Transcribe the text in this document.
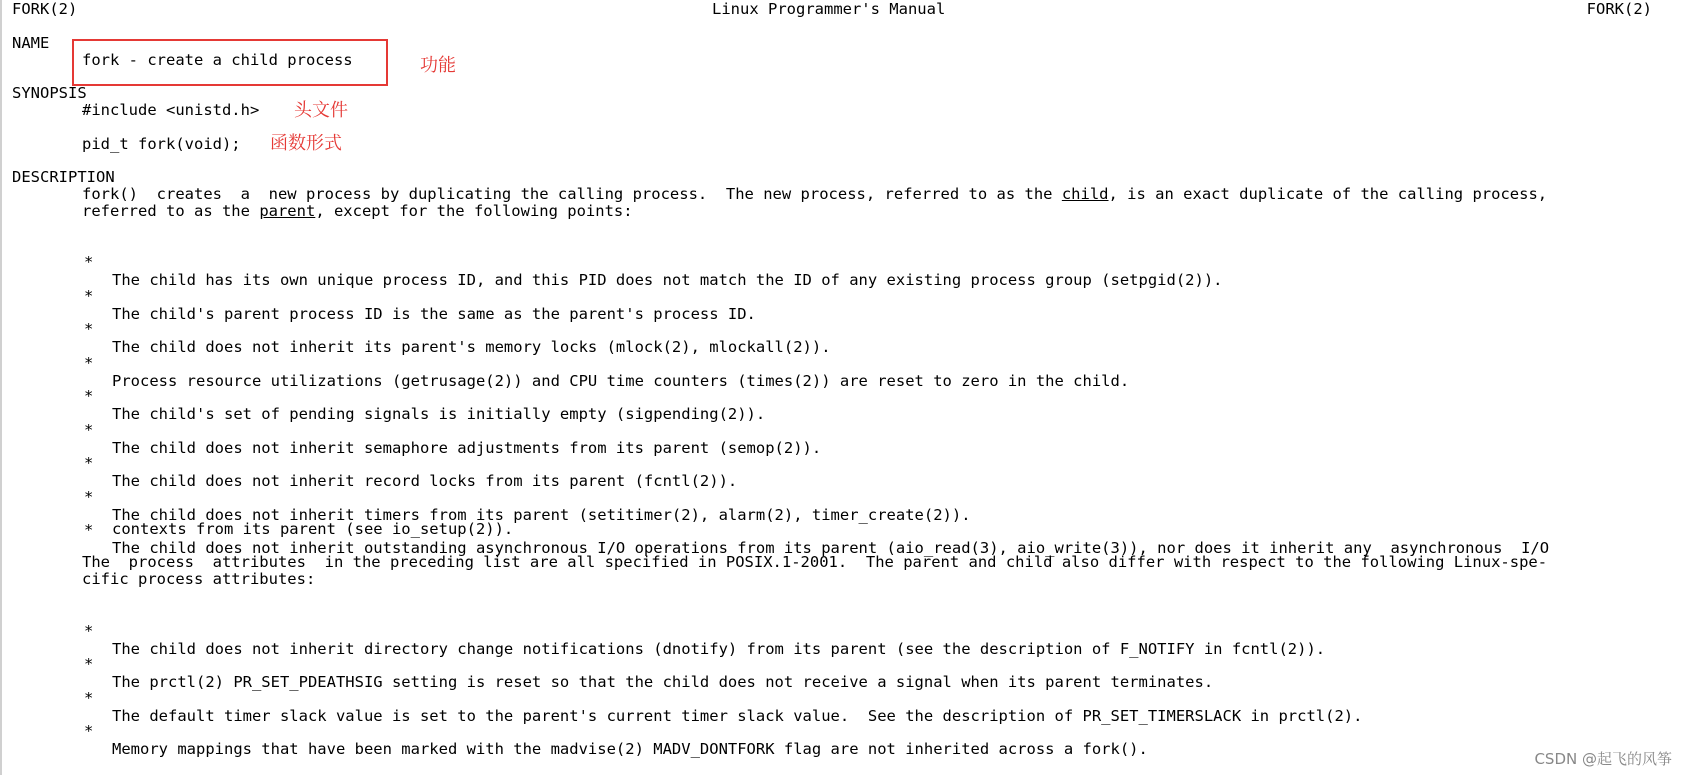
FORK(2)	Linux Programmer's Manual	FORK(2)
NAME
fork - create a child process	功能
SYNOPSIS
#include <unistd.h> 头文件
pid_t fork(void); 函数形式
DESCRIPTION
fork()  creates  a  new process by duplicating the calling process.  The new process, referred to as the child, is an exact duplicate of the calling process,
referred to as the parent, except for the following points:

*

The child has its own unique process ID, and this PID does not match the ID of any existing process group (setpgid(2)).

*

The child's parent process ID is the same as the parent's process ID.

*

The child does not inherit its parent's memory locks (mlock(2), mlockall(2)).

*

Process resource utilizations (getrusage(2)) and CPU time counters (times(2)) are reset to zero in the child.

*

The child's set of pending signals is initially empty (sigpending(2)).

*

The child does not inherit semaphore adjustments from its parent (semop(2)).

*

The child does not inherit record locks from its parent (fcntl(2)).

*

The child does not inherit timers from its parent (setitimer(2), alarm(2), timer_create(2)).

*

The child does not inherit outstanding asynchronous I/O operations from its parent (aio_read(3), aio_write(3)), nor does it inherit any  asynchronous  I/O

contexts from its parent (see io_setup(2)).
The  process  attributes  in the preceding list are all specified in POSIX.1-2001.  The parent and child also differ with respect to the following Linux-spe-
cific process attributes:

*

The child does not inherit directory change notifications (dnotify) from its parent (see the description of F_NOTIFY in fcntl(2)).

*

The prctl(2) PR_SET_PDEATHSIG setting is reset so that the child does not receive a signal when its parent terminates.

*

The default timer slack value is set to the parent's current timer slack value.  See the description of PR_SET_TIMERSLACK in prctl(2).

*

Memory mappings that have been marked with the madvise(2) MADV_DONTFORK flag are not inherited across a fork().

CSDN @起飞的风筝
